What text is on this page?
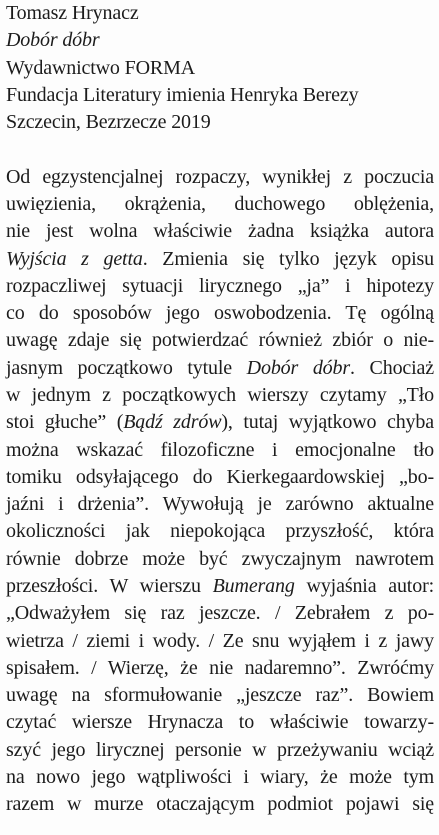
Tomasz Hrynacz
Dobór dóbr
Wydawnictwo FORMA
Fundacja Literatury imienia Henryka Berezy
Szczecin, Bezrzecze 2019
Od egzystencjalnej rozpaczy, wynikłej z poczucia
uwięzienia, okrążenia, duchowego oblężenia,
nie jest wolna właściwie żadna książka autora
Wyjścia z getta. Zmienia się tylko język opisu
rozpaczliwej sytuacji lirycznego „ja” i hipotezy
co do sposobów jego oswobodzenia. Tę ogólną
uwagę zdaje się potwierdzać również zbiór o nie-
jasnym początkowo tytule Dobór dóbr. Chociaż
w jednym z początkowych wierszy czytamy „Tło
stoi głuche” (Bądź zdrów), tutaj wyjątkowo chyba
można wskazać filozoficzne i emocjonalne tło
tomiku odsyłającego do Kierkegaardowskiej „bo-
jaźni i drżenia”. Wywołują je zarówno aktualne
okoliczności jak niepokojąca przyszłość, która
równie dobrze może być zwyczajnym nawrotem
przeszłości. W wierszu Bumerang wyjaśnia autor:
„Odważyłem się raz jeszcze. / Zebrałem z po-
wietrza / ziemi i wody. / Ze snu wyjąłem i z jawy
spisałem. / Wierzę, że nie nadaremno”. Zwróćmy
uwagę na sformułowanie „jeszcze raz”. Bowiem
czytać wiersze Hrynacza to właściwie towarzy-
szyć jego lirycznej personie w przeżywaniu wciąż
na nowo jego wątpliwości i wiary, że może tym
razem w murze otaczającym podmiot pojawi się
